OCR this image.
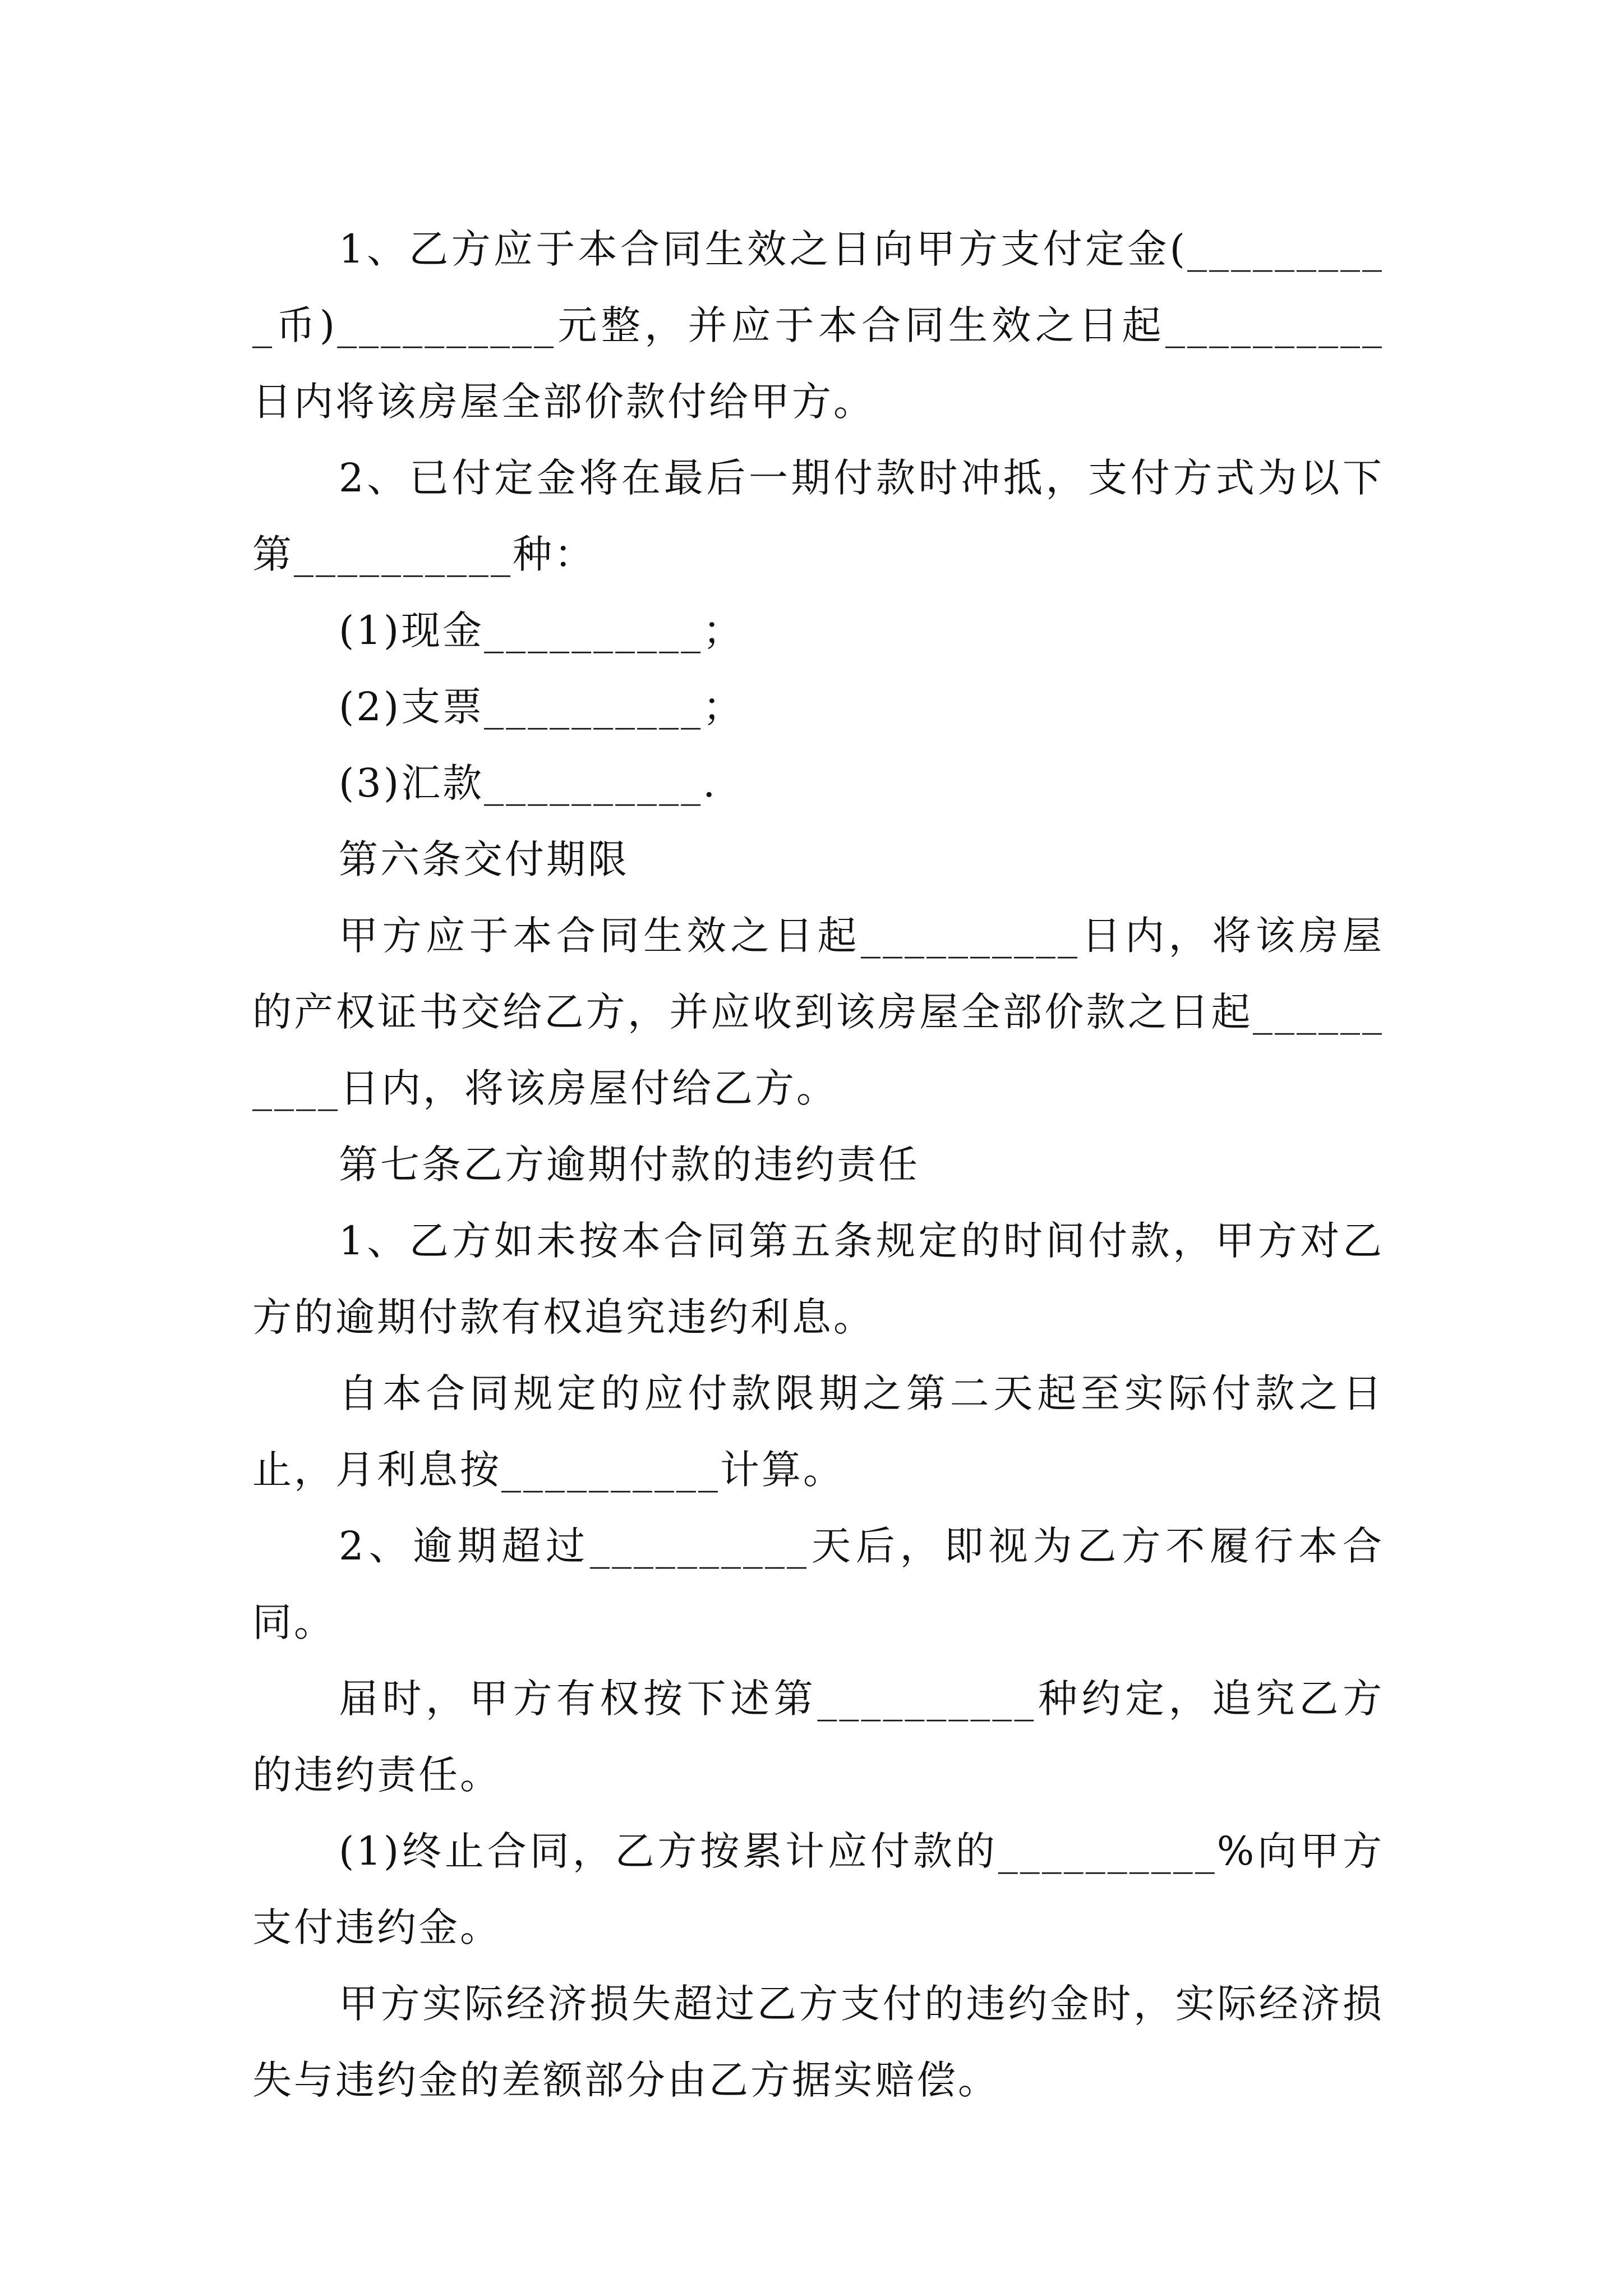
1、乙方应于本合同生效之日向甲方支付定金(__________币)__________元整，并应于本合同生效之日起__________日内将该房屋全部价款付给甲方。

2、已付定金将在最后一期付款时冲抵，支付方式为以下第__________种：

(1)现金__________；

(2)支票__________；

(3)汇款__________.

第六条交付期限

甲方应于本合同生效之日起__________日内，将该房屋的产权证书交给乙方，并应收到该房屋全部价款之日起__________日内，将该房屋付给乙方。

第七条乙方逾期付款的违约责任

1、乙方如未按本合同第五条规定的时间付款，甲方对乙方的逾期付款有权追究违约利息。

自本合同规定的应付款限期之第二天起至实际付款之日止，月利息按__________计算。

2、逾期超过__________天后，即视为乙方不履行本合同。

届时，甲方有权按下述第__________种约定，追究乙方的违约责任。

(1)终止合同，乙方按累计应付款的__________%向甲方支付违约金。

甲方实际经济损失超过乙方支付的违约金时，实际经济损失与违约金的差额部分由乙方据实赔偿。
